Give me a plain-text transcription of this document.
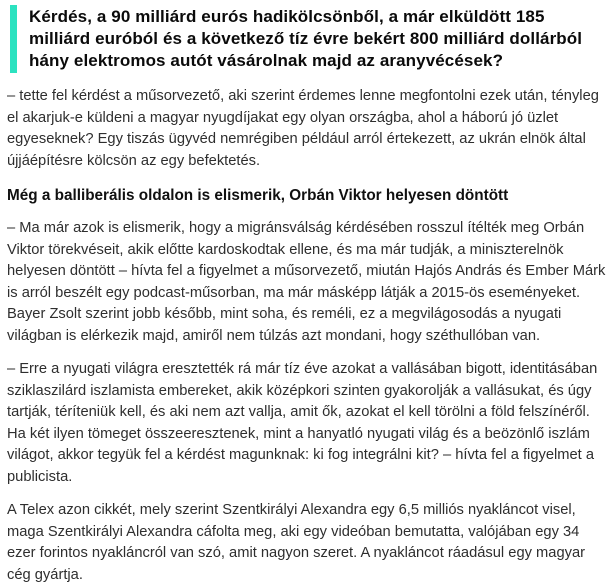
Kérdés, a 90 milliárd eurós hadikölcsönből, a már elküldött 185 milliárd euróból és a következő tíz évre bekért 800 milliárd dollárból hány elektromos autót vásárolnak majd az aranyvécések?

– tette fel kérdést a műsorvezető, aki szerint érdemes lenne megfontolni ezek után, tényleg el akarjuk-e küldeni a magyar nyugdíjakat egy olyan országba, ahol a háború jó üzlet egyeseknek? Egy tiszás ügyvéd nemrégiben például arról értekezett, az ukrán elnök által újjáépítésre kölcsön az egy befektetés.

Még a balliberális oldalon is elismerik, Orbán Viktor helyesen döntött

– Ma már azok is elismerik, hogy a migránsválság kérdésében rosszul ítélték meg Orbán Viktor törekvéseit, akik előtte kardoskodtak ellene, és ma már tudják, a miniszterelnök helyesen döntött – hívta fel a figyelmet a műsorvezető, miután Hajós András és Ember Márk is arról beszélt egy podcast-műsorban, ma már másképp látják a 2015-ös eseményeket. Bayer Zsolt szerint jobb később, mint soha, és reméli, ez a megvilágosodás a nyugati világban is elérkezik majd, amiről nem túlzás azt mondani, hogy széthullóban van.

– Erre a nyugati világra eresztették rá már tíz éve azokat a vallásában bigott, identitásában sziklaszilárd iszlamista embereket, akik középkori szinten gyakorolják a vallásukat, és úgy tartják, téríteniük kell, és aki nem azt vallja, amit ők, azokat el kell törölni a föld felszínéről. Ha két ilyen tömeget összeeresztenek, mint a hanyatló nyugati világ és a beözönlő iszlám világot, akkor tegyük fel a kérdést magunknak: ki fog integrálni kit? – hívta fel a figyelmet a publicista.

A Telex azon cikkét, mely szerint Szentkirályi Alexandra egy 6,5 milliós nyakláncot visel, maga Szentkirályi Alexandra cáfolta meg, aki egy videóban bemutatta, valójában egy 34 ezer forintos nyakláncról van szó, amit nagyon szeret. A nyakláncot ráadásul egy magyar cég gyártja.
